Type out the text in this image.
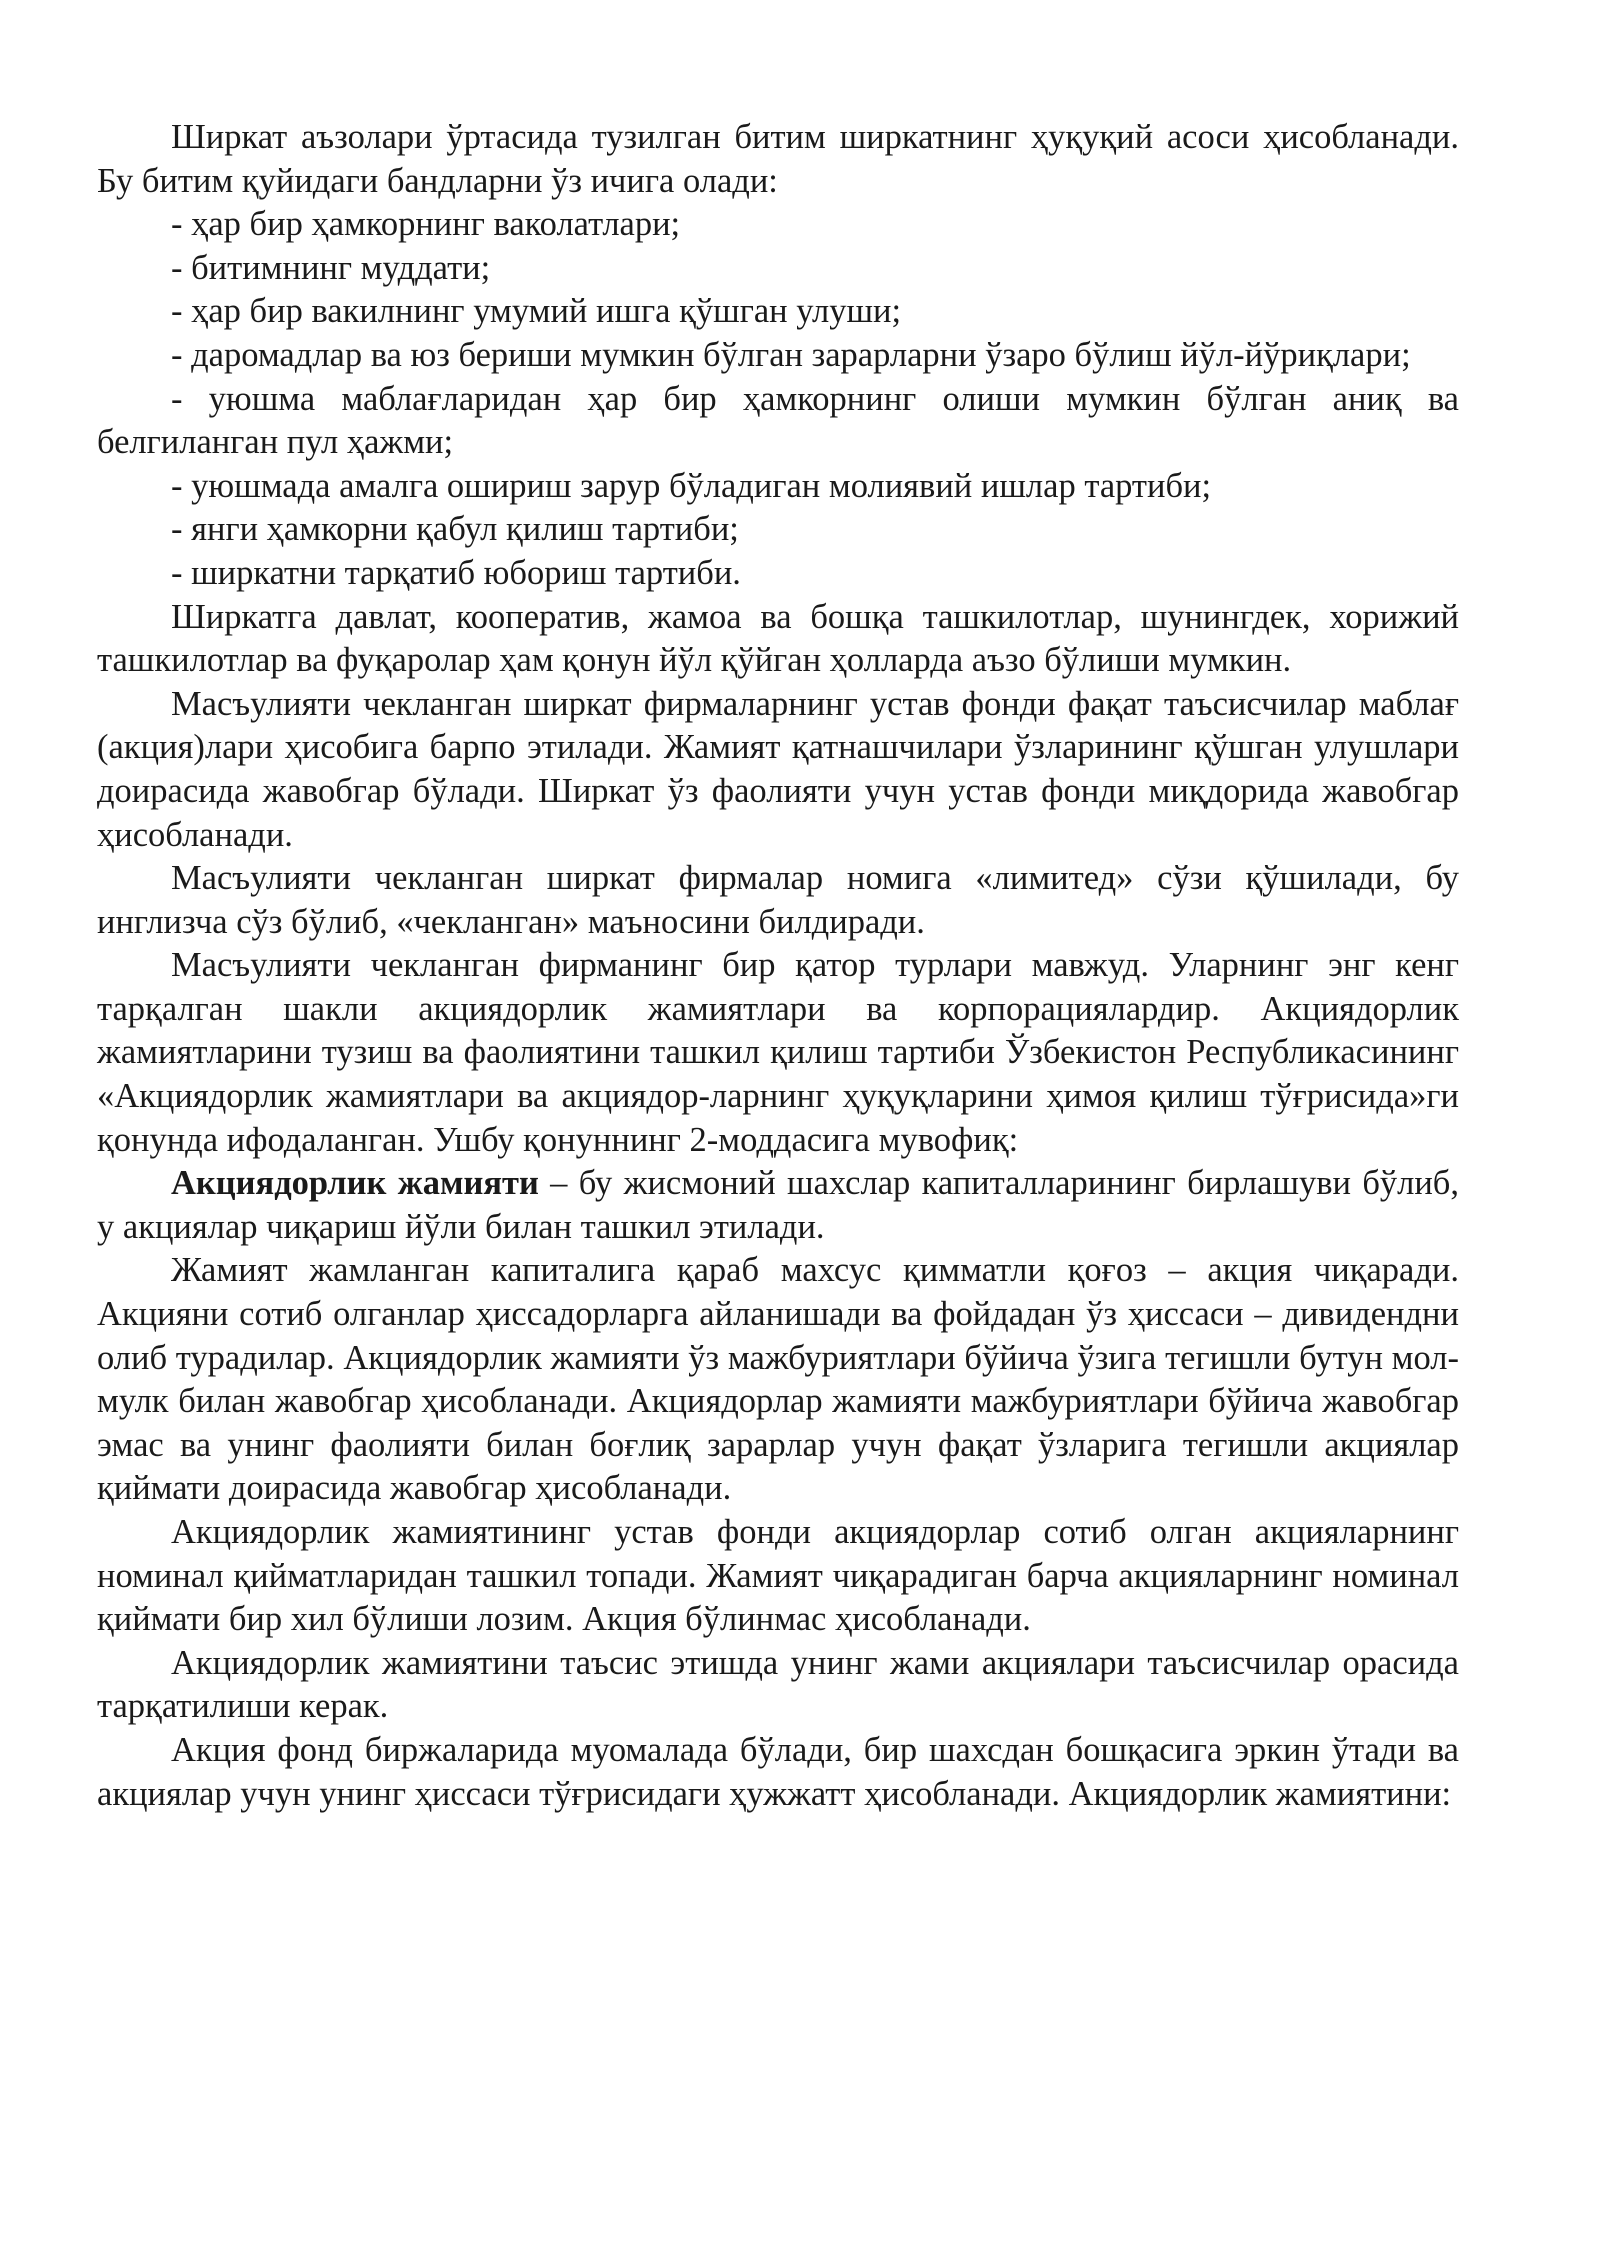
Ширкат аъзолари ўртасида тузилган битим ширкатнинг ҳуқуқий асоси ҳисобланади. Бу битим қуйидаги бандларни ўз ичига олади:

- ҳар бир ҳамкорнинг ваколатлари;

- битимнинг муддати;

- ҳар бир вакилнинг умумий ишга қўшган улуши;

- даромадлар ва юз бериши мумкин бўлган зарарларни ўзаро бўлиш йўл-йўриқлари;

- уюшма маблағларидан ҳар бир ҳамкорнинг олиши мумкин бўлган аниқ ва белгиланган пул ҳажми;

- уюшмада амалга ошириш зарур бўладиган молиявий ишлар тартиби;

- янги ҳамкорни қабул қилиш тартиби;

- ширкатни тарқатиб юбориш тартиби.

Ширкатга давлат, кооператив, жамоа ва бошқа ташкилотлар, шунингдек, хорижий ташкилотлар ва фуқаролар ҳам қонун йўл қўйган ҳолларда аъзо бўлиши мумкин.

Масъулияти чекланган ширкат фирмаларнинг устав фонди фақат таъсисчилар маблағ (акция)лари ҳисобига барпо этилади. Жамият қатнашчилари ўзларининг қўшган улушлари доирасида жавобгар бўлади. Ширкат ўз фаолияти учун устав фонди миқдорида жавобгар ҳисобланади.

Масъулияти чекланган ширкат фирмалар номига «лимитед» сўзи қўшилади, бу инглизча сўз бўлиб, «чекланган» маъносини билдиради.

Масъулияти чекланган фирманинг бир қатор турлари мавжуд. Уларнинг энг кенг тарқалган шакли акциядорлик жамиятлари ва корпорациялардир. Акциядорлик жамиятларини тузиш ва фаолиятини ташкил қилиш тартиби Ўзбекистон Республикасининг «Акциядорлик жамиятлари ва акциядор-ларнинг ҳуқуқларини ҳимоя қилиш тўғрисида»ги қонунда ифодаланган. Ушбу қонуннинг 2-моддасига мувофиқ:

Акциядорлик жамияти – бу жисмоний шахслар капиталларининг бирлашуви бўлиб, у акциялар чиқариш йўли билан ташкил этилади.

Жамият жамланган капиталига қараб махсус қимматли қоғоз – акция чиқаради. Акцияни сотиб олганлар ҳиссадорларга айланишади ва фойдадан ўз ҳиссаси – дивидендни олиб турадилар. Акциядорлик жамияти ўз мажбуриятлари бўйича ўзига тегишли бутун мол-мулк билан жавобгар ҳисобланади. Акциядорлар жамияти мажбуриятлари бўйича жавобгар эмас ва унинг фаолияти билан боғлиқ зарарлар учун фақат ўзларига тегишли акциялар қиймати доирасида жавобгар ҳисобланади.

Акциядорлик жамиятининг устав фонди акциядорлар сотиб олган акцияларнинг номинал қийматларидан ташкил топади. Жамият чиқарадиган барча акцияларнинг номинал қиймати бир хил бўлиши лозим. Акция бўлинмас ҳисобланади.

Акциядорлик жамиятини таъсис этишда унинг жами акциялари таъсисчилар орасида тарқатилиши керак.

Акция фонд биржаларида муомалада бўлади, бир шахсдан бошқасига эркин ўтади ва акциялар учун унинг ҳиссаси тўғрисидаги ҳужжатт ҳисобланади. Акциядорлик жамиятини:
